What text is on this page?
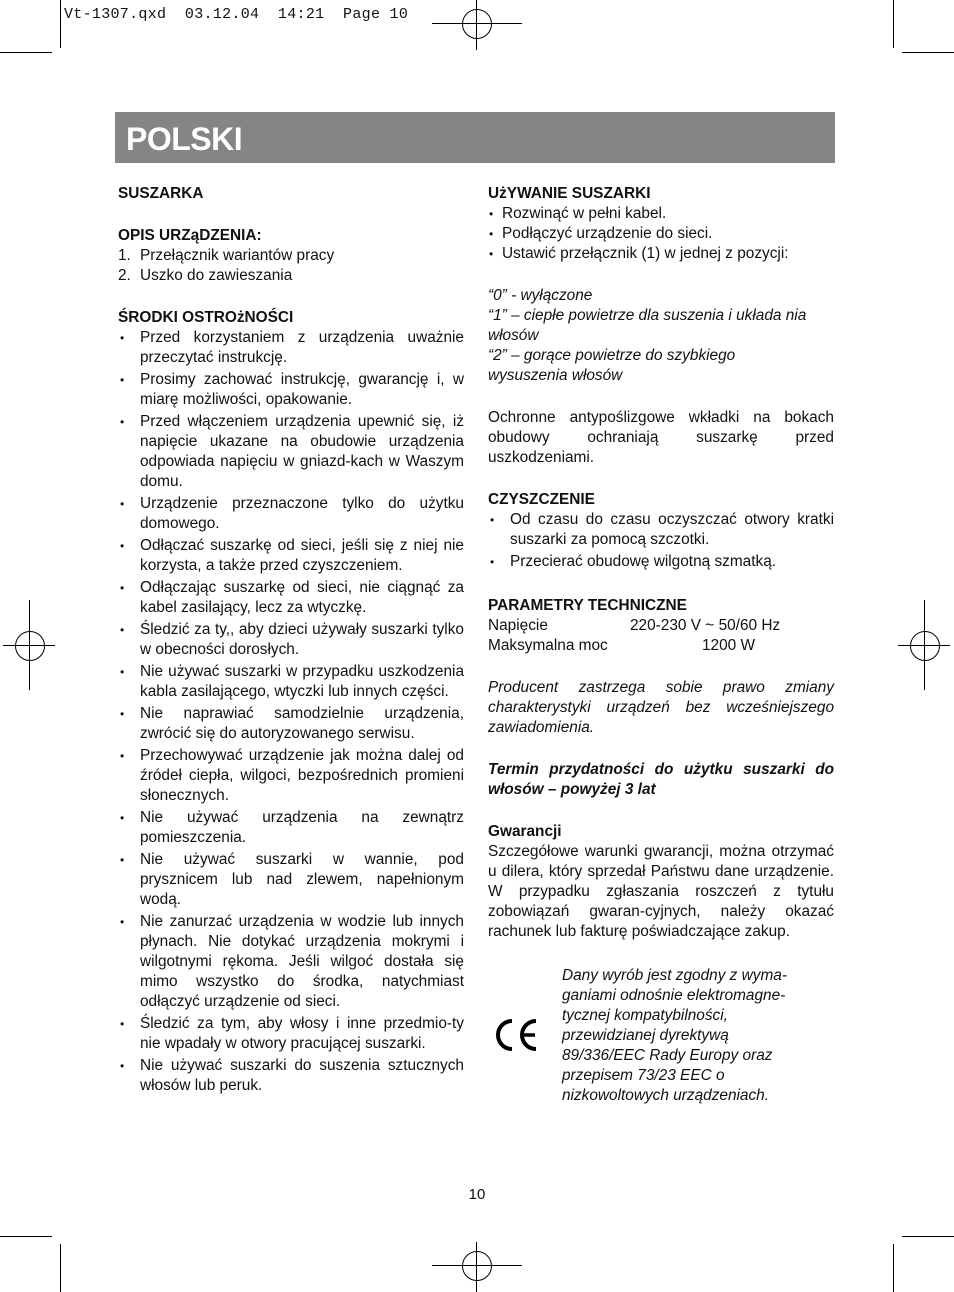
Vt-1307.qxd  03.12.04  14:21  Page 10
POLSKI

SUSZARKA

OPIS URZąDZENIA:

1. Przełącznik wariantów pracy
2. Uszko do zawieszania

ŚRODKI OSTROżNOŚCI

• Przed korzystaniem z urządzenia uważnie przeczytać instrukcję.
• Prosimy zachować instrukcję, gwarancję i, w miarę możliwości, opakowanie.
• Przed włączeniem urządzenia upewnić się, iż napięcie ukazane na obudowie urządzenia odpowiada napięciu w gniazd-kach w Waszym domu.
• Urządzenie przeznaczone tylko do użytku domowego.
• Odłączać suszarkę od sieci, jeśli się z niej nie korzysta, a także przed czyszczeniem.
• Odłączając suszarkę od sieci, nie ciągnąć za kabel zasilający, lecz za wtyczkę.
• Śledzić za ty,, aby dzieci używały suszarki tylko w obecności dorosłych.
• Nie używać suszarki w przypadku uszkodzenia kabla zasilającego, wtyczki lub innych części.
• Nie naprawiać samodzielnie urządzenia, zwrócić się do autoryzowanego serwisu.
• Przechowywać urządzenie jak można dalej od źródeł ciepła, wilgoci, bezpośrednich promieni słonecznych.
• Nie używać urządzenia na zewnątrz pomieszczenia.
• Nie używać suszarki w wannie, pod prysznicem lub nad zlewem, napełnionym wodą.
• Nie zanurzać urządzenia w wodzie lub innych płynach. Nie dotykać urządzenia mokrymi i wilgotnymi rękoma. Jeśli wilgoć dostała się mimo wszystko do środka, natychmiast odłączyć urządzenie od sieci.
• Śledzić za tym, aby włosy i inne przedmio-ty nie wpadały w otwory pracującej suszarki.
• Nie używać suszarki do suszenia sztucznych włosów lub peruk.

UżYWANIE SUSZARKI

• Rozwinąć w pełni kabel.
• Podłączyć urządzenie do sieci.
• Ustawić przełącznik (1) w jednej z pozycji:

“0” - wyłączone

“1” – ciepłe powietrze dla suszenia i układa nia włosów

“2” – gorące powietrze do szybkiego wysuszenia włosów

Ochronne antypoślizgowe wkładki na bokach obudowy ochraniają suszarkę przed uszkodzeniami.

CZYSZCZENIE

• Od czasu do czasu oczyszczać otwory kratki suszarki za pomocą szczotki.
• Przecierać obudowę wilgotną szmatką.

PARAMETRY TECHNICZNE

Napięcie	220-230 V ~ 50/60 Hz
Maksymalna moc	1200 W

Producent zastrzega sobie prawo zmiany charakterystyki urządzeń bez wcześniejszego zawiadomienia.

Termin przydatności do użytku suszarki do włosów – powyżej 3 lat

Gwarancji

Szczegółowe warunki gwarancji, można otrzymać u dilera, który sprzedał Państwu dane urządzenie. W przypadku zgłaszania roszczeń z tytułu zobowiązań gwaran-cyjnych, należy okazać rachunek lub fakturę poświadczające zakup.

Dany wyrób jest zgodny z wyma-
ganiami odnośnie elektromagne-
tycznej kompatybilności,
przewidzianej dyrektywą
89/336/EEC Rady Europy oraz
przepisem 73/23 EEC o
nizkowoltowych urządzeniach.
10
